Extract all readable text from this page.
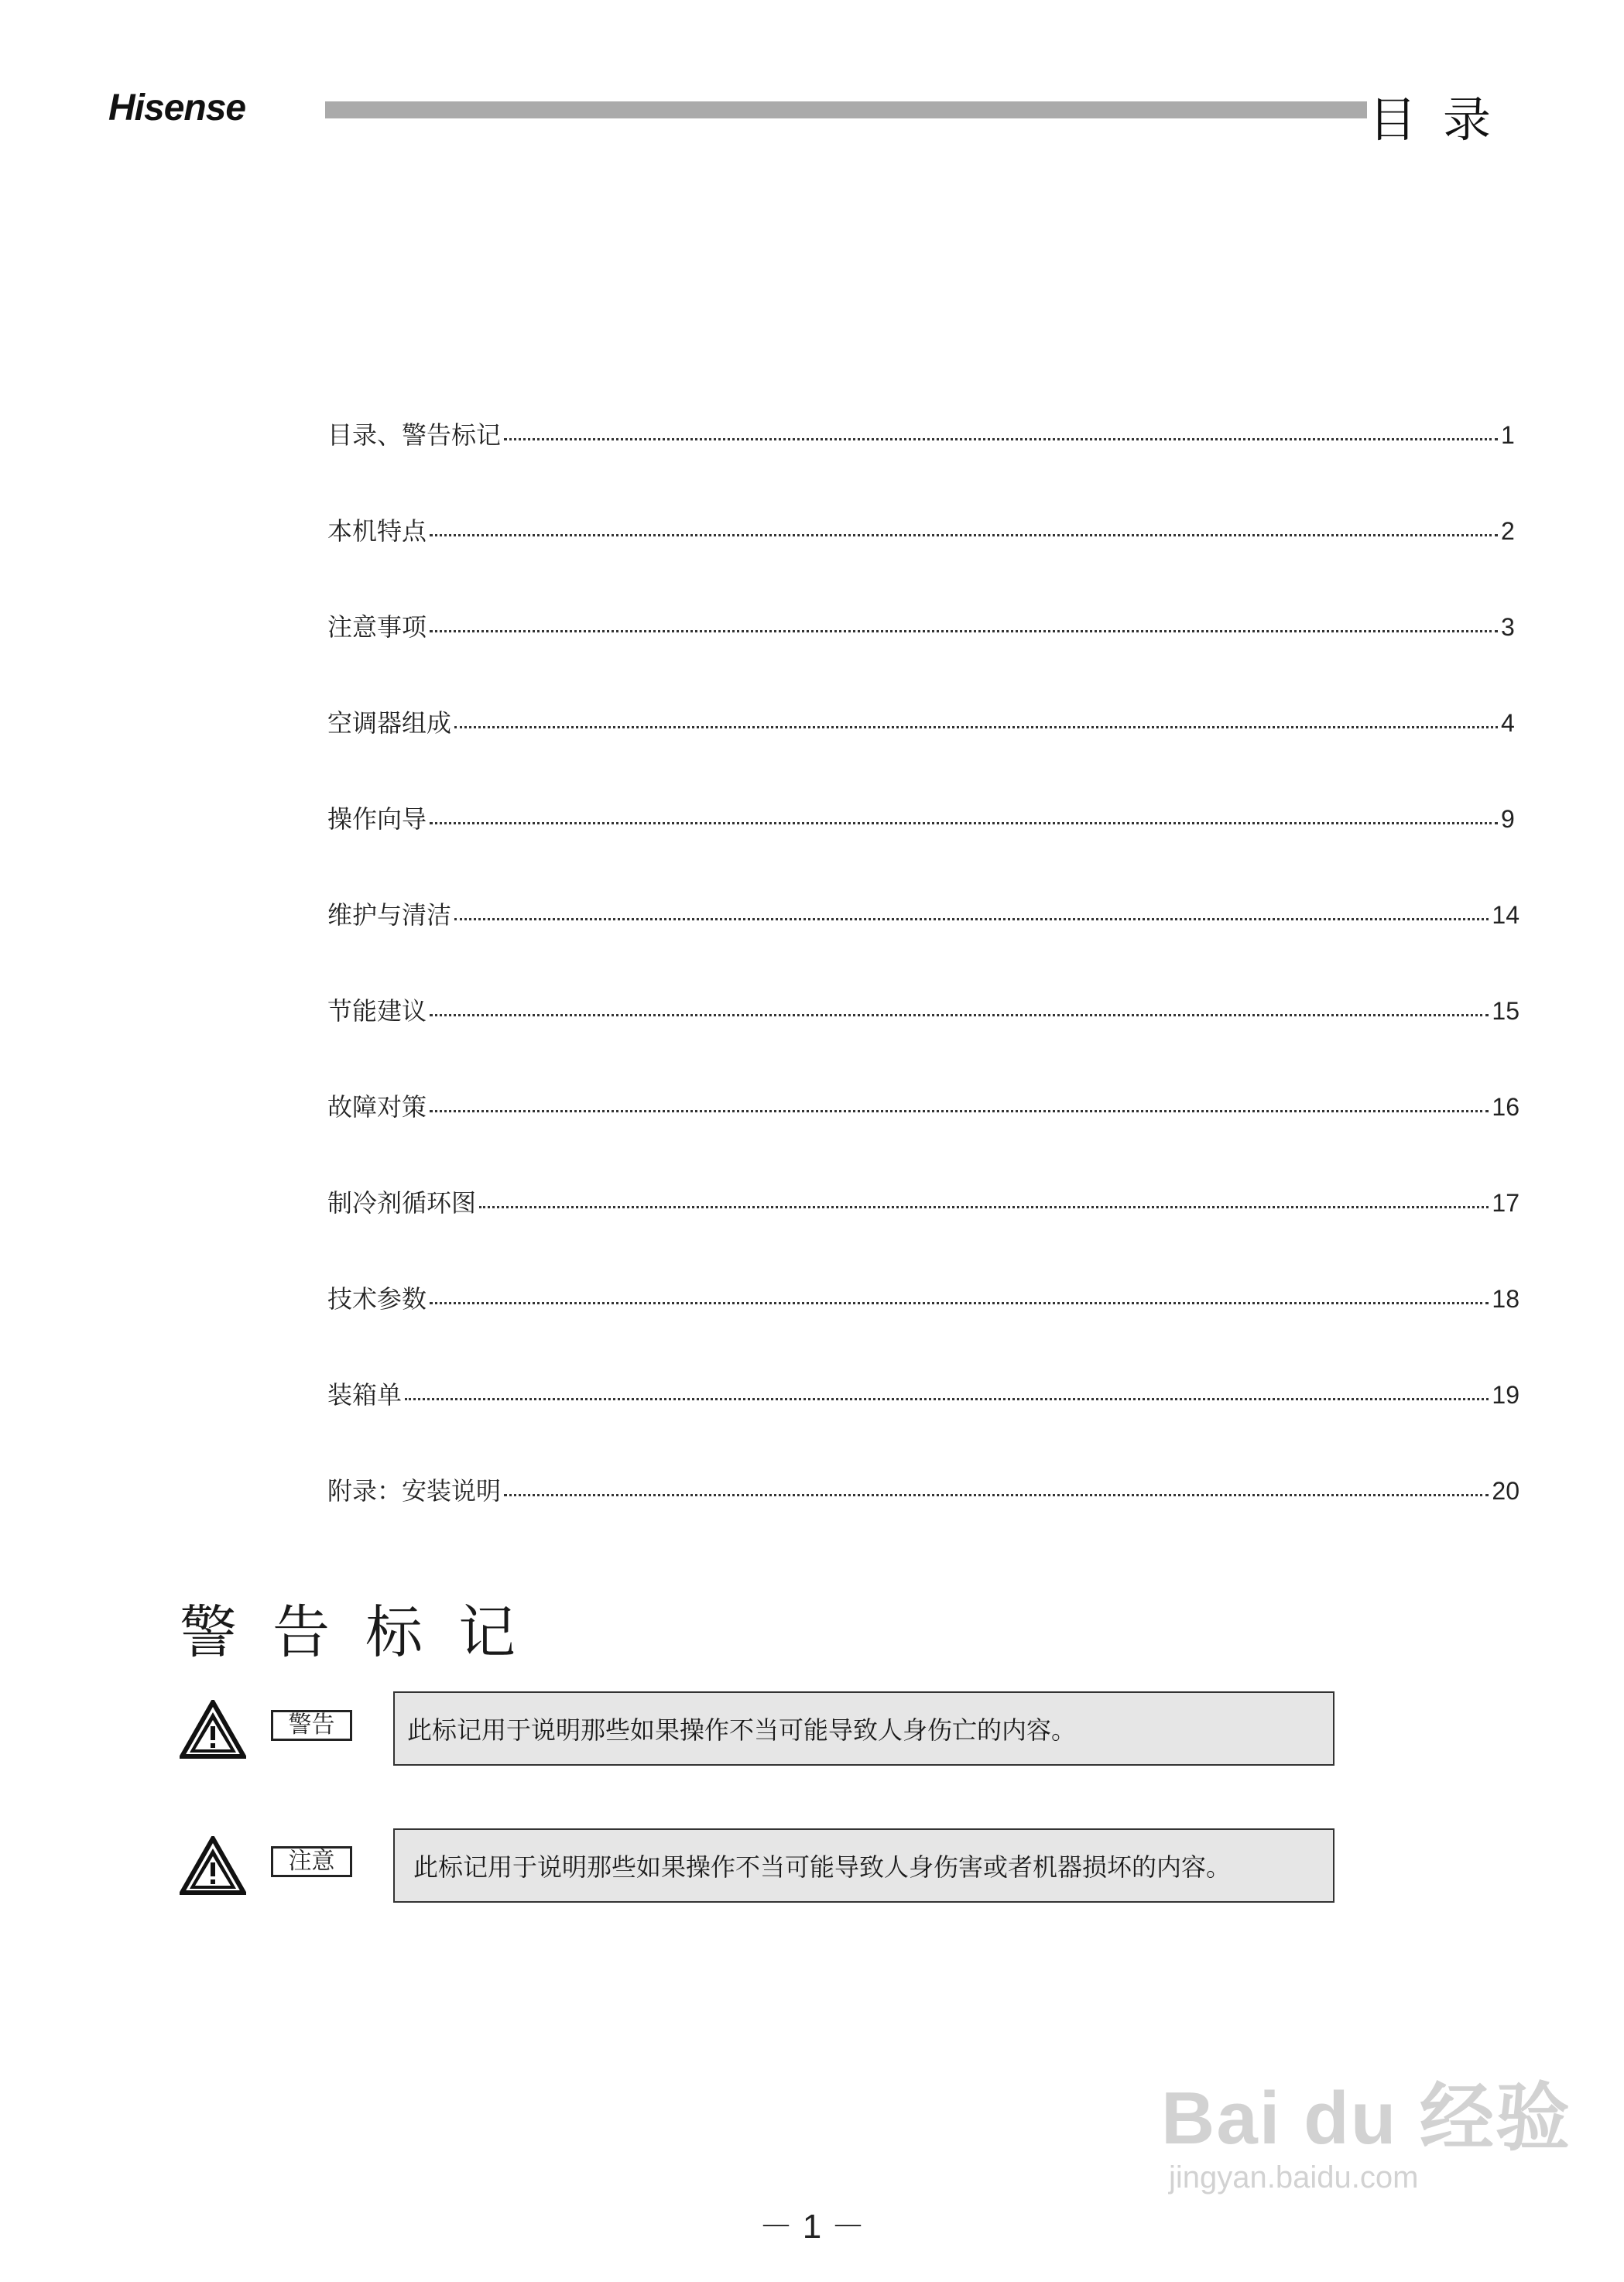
Hisense	目录
目录、警告标记	1
本机特点	2
注意事项	3
空调器组成	4
操作向导	9
维护与清洁	14
节能建议	15
故障对策	16
制冷剂循环图	17
技术参数	18
装箱单	19
附录：安装说明	20
警告标记
警告	此标记用于说明那些如果操作不当可能导致人身伤亡的内容。
注意	此标记用于说明那些如果操作不当可能导致人身伤害或者机器损坏的内容。
－ 1 －
Bai du 经验
jingyan.baidu.com
